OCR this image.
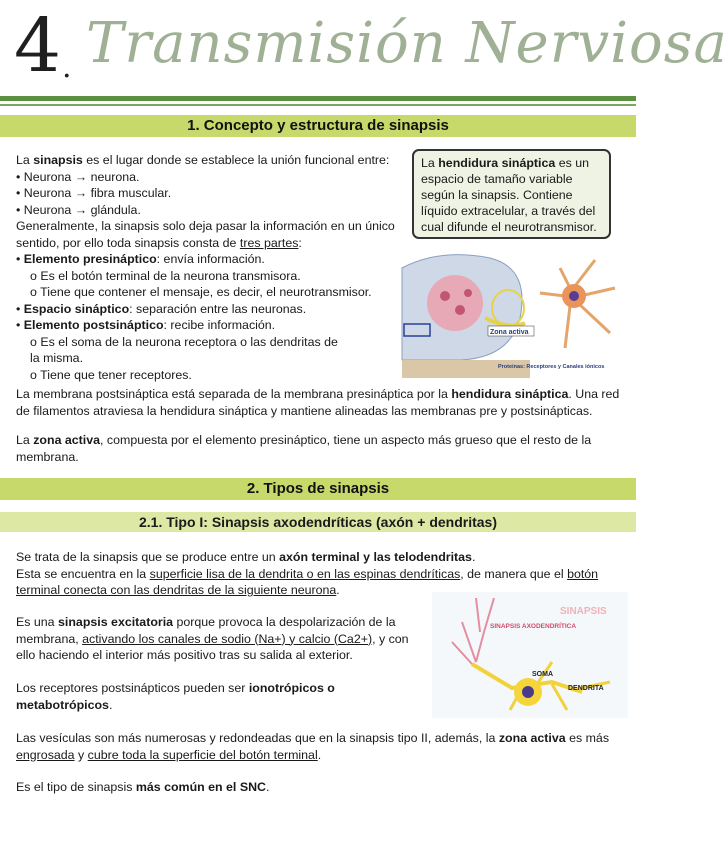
4 . Transmisión Nerviosa
1. Concepto y estructura de sinapsis
La sinapsis es el lugar donde se establece la unión funcional entre:
• Neurona → neurona.
• Neurona → fibra muscular.
• Neurona → glándula.
Generalmente, la sinapsis solo deja pasar la información en un único sentido, por ello toda sinapsis consta de tres partes:
• Elemento presináptico: envía información.
o Es el botón terminal de la neurona transmisora.
o Tiene que contener el mensaje, es decir, el neurotransmisor.
• Espacio sináptico: separación entre las neuronas.
• Elemento postsináptico: recibe información.
o Es el soma de la neurona receptora o las dendritas de la misma.
o Tiene que tener receptores.
La hendidura sináptica es un espacio de tamaño variable según la sinapsis. Contiene líquido extracelular, a través del cual difunde el neurotransmisor.
Zona activa
Proteínas: Receptores y Canales iónicos
La membrana postsináptica está separada de la membrana presináptica por la hendidura sináptica. Una red de filamentos atraviesa la hendidura sináptica y mantiene alineadas las membranas pre y postsinápticas.
La zona activa, compuesta por el elemento presináptico, tiene un aspecto más grueso que el resto de la membrana.
2. Tipos de sinapsis
2.1. Tipo I: Sinapsis axodendríticas (axón + dendritas)
Se trata de la sinapsis que se produce entre un axón terminal y las telodendritas.
Esta se encuentra en la superficie lisa de la dendrita o en las espinas dendríticas, de manera que el botón terminal conecta con las dendritas de la siguiente neurona.
Es una sinapsis excitatoria porque provoca la despolarización de la membrana, activando los canales de sodio (Na+) y calcio (Ca2+), y con ello haciendo el interior más positivo tras su salida al exterior.
Los receptores postsinápticos pueden ser ionotrópicos o metabotrópicos.
SINAPSIS
SINAPSIS AXODENDRÍTICA
SOMA
DENDRITA
Las vesículas son más numerosas y redondeadas que en la sinapsis tipo II, además, la zona activa es más engrosada y cubre toda la superficie del botón terminal.
Es el tipo de sinapsis más común en el SNC.
